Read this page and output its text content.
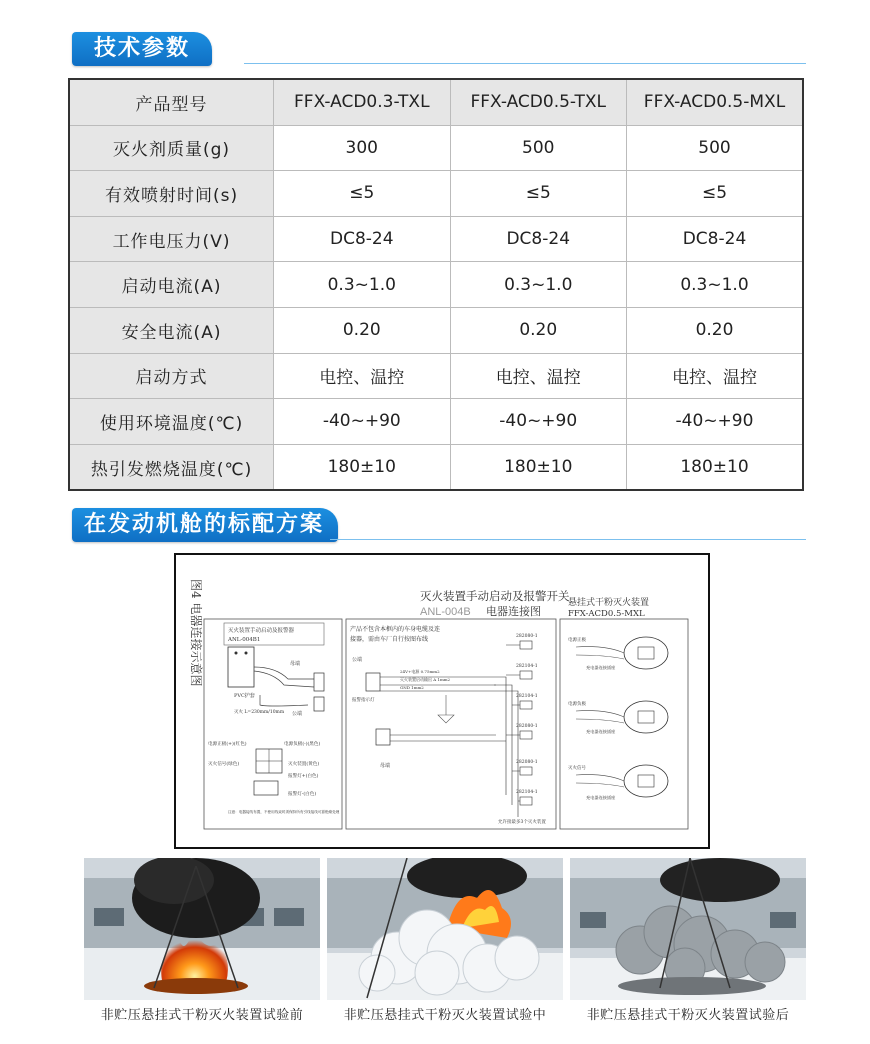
技术参数
产品型号	FFX-ACD0.3-TXL	FFX-ACD0.5-TXL	FFX-ACD0.5-MXL
灭火剂质量(g)	300	500	500
有效喷射时间(s)	≤5	≤5	≤5
工作电压力(V)	DC8-24	DC8-24	DC8-24
启动电流(A)	0.3~1.0	0.3~1.0	0.3~1.0
安全电流(A)	0.20	0.20	0.20
启动方式	电控、温控	电控、温控	电控、温控
使用环境温度(℃)	-40~+90	-40~+90	-40~+90
热引发燃烧温度(℃)	180±10	180±10	180±10
在发动机舱的标配方案
图4 电器连接示意图	灭火装置手动启动及报警开关
ANL-004B 电器连接图
悬挂式干粉灭火装置
FFX-ACD0.5-MXL
灭火装置手动启动及报警器
ANL-004B1
PVC护套
灭火 L=230mm/10mm 公端
母端
电源正极(+)(红色)	电源负极(-)(黑色)
灭火信号(绿色)	灭火装置(黄色)
报警灯+(白色)
报警灯-(白色)
注意：电器接线布置，不使用线束时须保持所有引线接线可靠绝缘处理
产品不包含本框内的车身电缆及连
接器，需由车厂自行按图布线
公端
24V+电源 0.75mm2
灭火装置启动输出 A 1mm2
GND 1mm2
报警指示灯
母端
282080-1
282104-1
282104-1
282080-1
282080-1
282104-1
允许接最多3个灭火装置
电源正极
充电器连接插座
电源负极
充电器连接插座
灭火信号
充电器连接插座
非贮压悬挂式干粉灭火装置试验前	非贮压悬挂式干粉灭火装置试验中	非贮压悬挂式干粉灭火装置试验后
